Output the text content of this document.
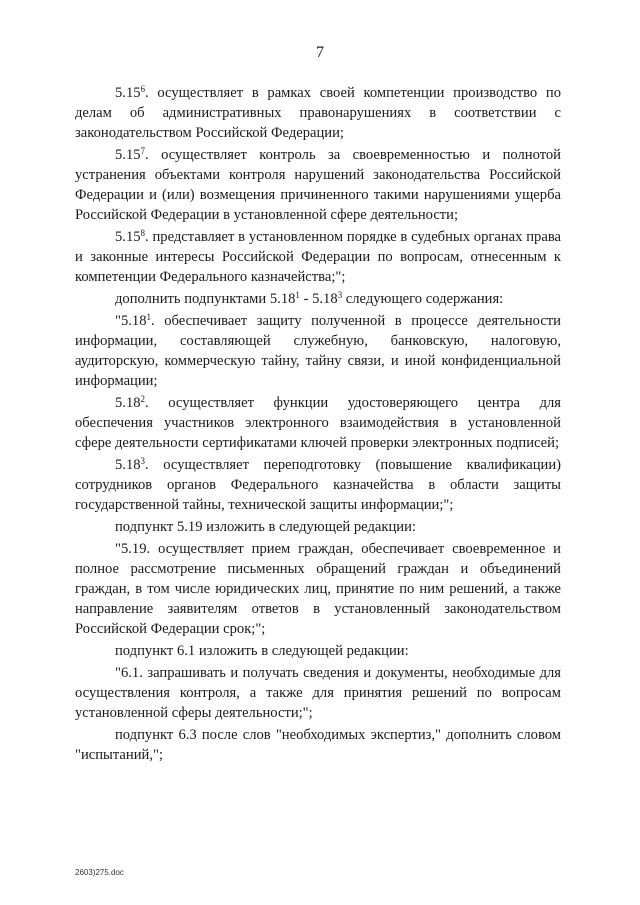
7

5.15$^6$. осуществляет в рамках своей компетенции производство по делам об административных правонарушениях в соответствии с законодательством Российской Федерации;

5.15$^7$. осуществляет контроль за своевременностью и полнотой устранения объектами контроля нарушений законодательства Российской Федерации и (или) возмещения причиненного такими нарушениями ущерба Российской Федерации в установленной сфере деятельности;

5.15$^8$. представляет в установленном порядке в судебных органах права и законные интересы Российской Федерации по вопросам, отнесенным к компетенции Федерального казначейства;";

дополнить подпунктами 5.18$^1$ - 5.18$^3$ следующего содержания:

"5.18$^1$. обеспечивает защиту полученной в процессе деятельности информации, составляющей служебную, банковскую, налоговую, аудиторскую, коммерческую тайну, тайну связи, и иной конфиденциальной информации;

5.18$^2$. осуществляет функции удостоверяющего центра для обеспечения участников электронного взаимодействия в установленной сфере деятельности сертификатами ключей проверки электронных подписей;

5.18$^3$. осуществляет переподготовку (повышение квалификации) сотрудников органов Федерального казначейства в области защиты государственной тайны, технической защиты информации;";

подпункт 5.19 изложить в следующей редакции:

"5.19. осуществляет прием граждан, обеспечивает своевременное и полное рассмотрение письменных обращений граждан и объединений граждан, в том числе юридических лиц, принятие по ним решений, а также направление заявителям ответов в установленный законодательством Российской Федерации срок;";

подпункт 6.1 изложить в следующей редакции:

"6.1. запрашивать и получать сведения и документы, необходимые для осуществления контроля, а также для принятия решений по вопросам установленной сферы деятельности;";

подпункт 6.3 после слов "необходимых экспертиз," дополнить словом "испытаний,";

2603)275.doc
